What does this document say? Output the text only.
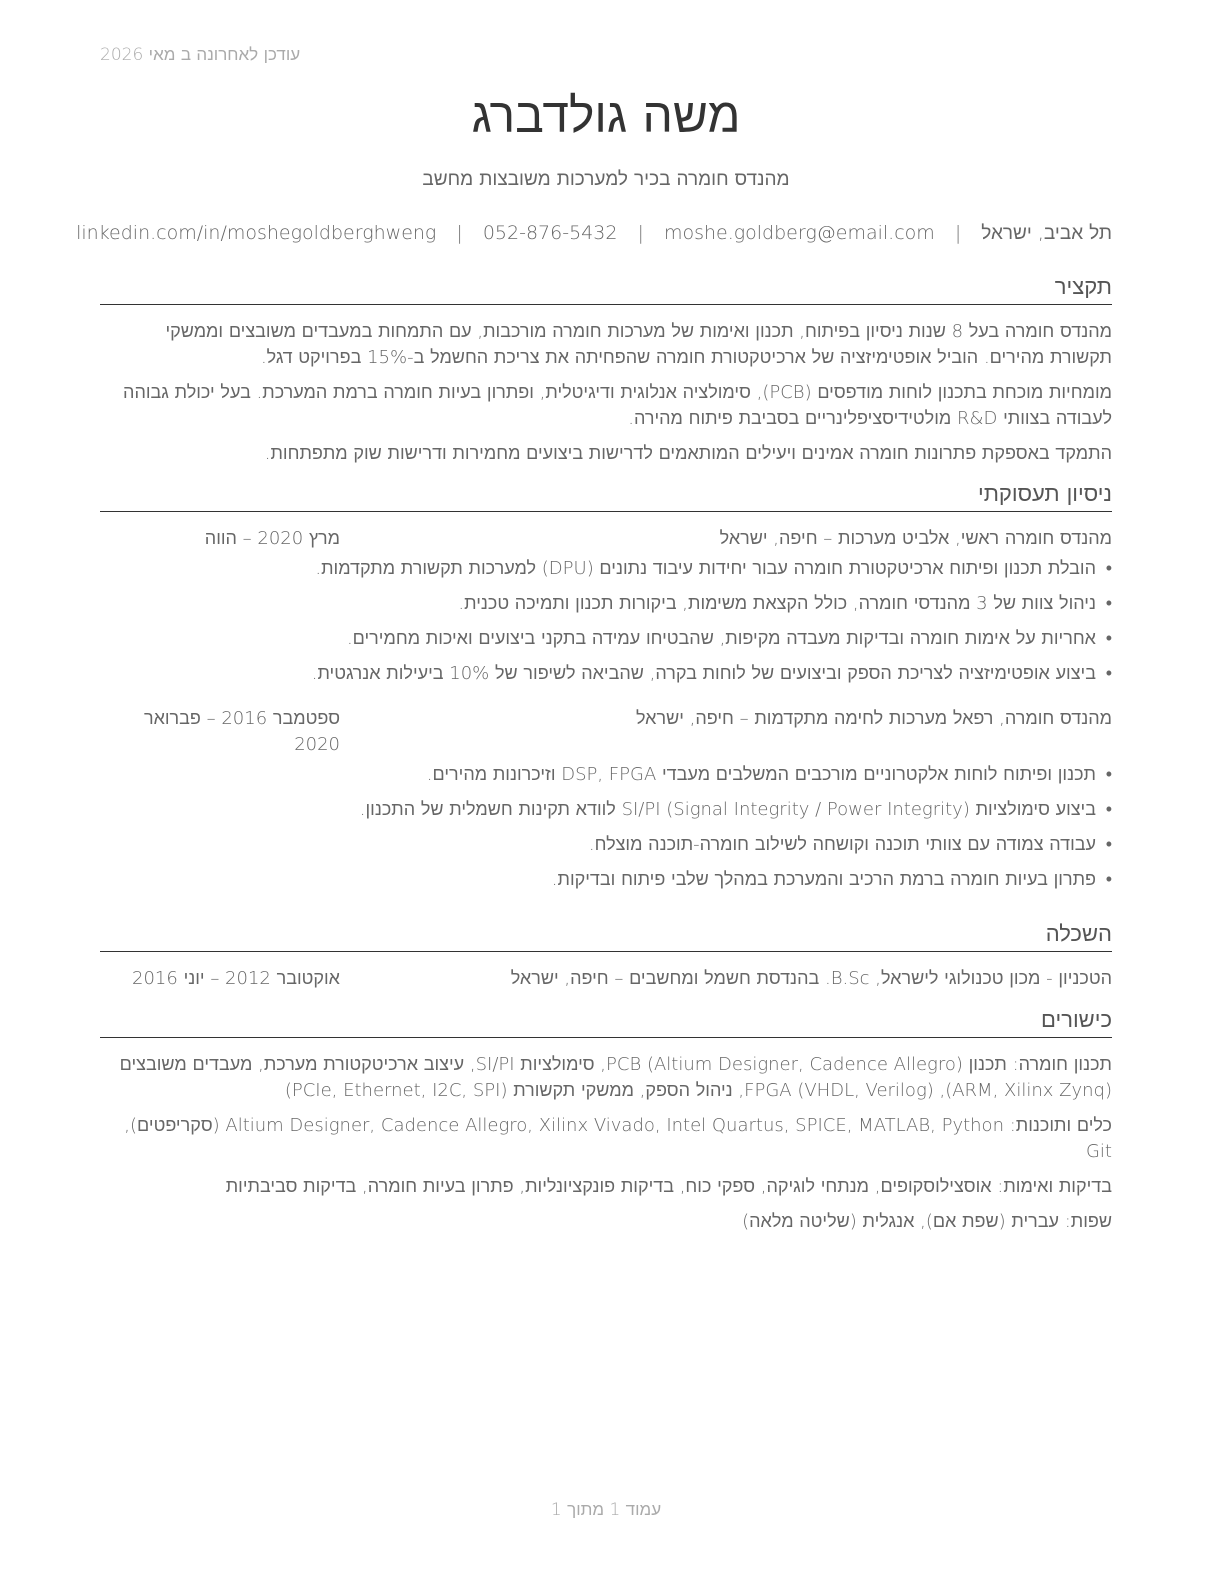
עודכן לאחרונה ב מאי 2026
משה גולדברג
מהנדס חומרה בכיר למערכות משובצות מחשב
תל אביב, ישראל | moshe.goldberg@email.com | 052-876-5432 | linkedin.com/in/moshegoldberghweng
תקציר

מהנדס חומרה בעל 8 שנות ניסיון בפיתוח, תכנון ואימות של מערכות חומרה מורכבות, עם התמחות במעבדים משובצים וממשקי תקשורת מהירים. הוביל אופטימיזציה של ארכיטקטורת חומרה שהפחיתה את צריכת החשמל ב-15% בפרויקט דגל.

מומחיות מוכחת בתכנון לוחות מודפסים (PCB), סימולציה אנלוגית ודיגיטלית, ופתרון בעיות חומרה ברמת המערכת. בעל יכולת גבוהה לעבודה בצוותי R&D מולטידיסציפלינריים בסביבת פיתוח מהירה.

התמקד באספקת פתרונות חומרה אמינים ויעילים המותאמים לדרישות ביצועים מחמירות ודרישות שוק מתפתחות.

ניסיון תעסוקתי
מהנדס חומרה ראשי, אלביט מערכות – חיפה, ישראל
מרץ 2020 – הווה
• הובלת תכנון ופיתוח ארכיטקטורת חומרה עבור יחידות עיבוד נתונים (DPU) למערכות תקשורת מתקדמות.
• ניהול צוות של 3 מהנדסי חומרה, כולל הקצאת משימות, ביקורות תכנון ותמיכה טכנית.
• אחריות על אימות חומרה ובדיקות מעבדה מקיפות, שהבטיחו עמידה בתקני ביצועים ואיכות מחמירים.
• ביצוע אופטימיזציה לצריכת הספק וביצועים של לוחות בקרה, שהביאה לשיפור של 10% ביעילות אנרגטית.
מהנדס חומרה, רפאל מערכות לחימה מתקדמות – חיפה, ישראל
ספטמבר 2016 – פברואר 2020
• תכנון ופיתוח לוחות אלקטרוניים מורכבים המשלבים מעבדי DSP, FPGA וזיכרונות מהירים.
• ביצוע סימולציות SI/PI (Signal Integrity / Power Integrity) לוודא תקינות חשמלית של התכנון.
• עבודה צמודה עם צוותי תוכנה וקושחה לשילוב חומרה-תוכנה מוצלח.
• פתרון בעיות חומרה ברמת הרכיב והמערכת במהלך שלבי פיתוח ובדיקות.
השכלה
הטכניון - מכון טכנולוגי לישראל, B.Sc. בהנדסת חשמל ומחשבים – חיפה, ישראל
אוקטובר 2012 – יוני 2016
כישורים

תכנון חומרה: תכנון PCB (Altium Designer, Cadence Allegro), סימולציות SI/PI, עיצוב ארכיטקטורת מערכת, מעבדים משובצים (ARM, Xilinx Zynq), FPGA (VHDL, Verilog), ניהול הספק, ממשקי תקשורת (PCIe, Ethernet, I2C, SPI)

כלים ותוכנות: Altium Designer, Cadence Allegro, Xilinx Vivado, Intel Quartus, SPICE, MATLAB, Python (סקריפטים), Git

בדיקות ואימות: אוסצילוסקופים, מנתחי לוגיקה, ספקי כוח, בדיקות פונקציונליות, פתרון בעיות חומרה, בדיקות סביבתיות

שפות: עברית (שפת אם), אנגלית (שליטה מלאה)

עמוד 1 מתוך 1
